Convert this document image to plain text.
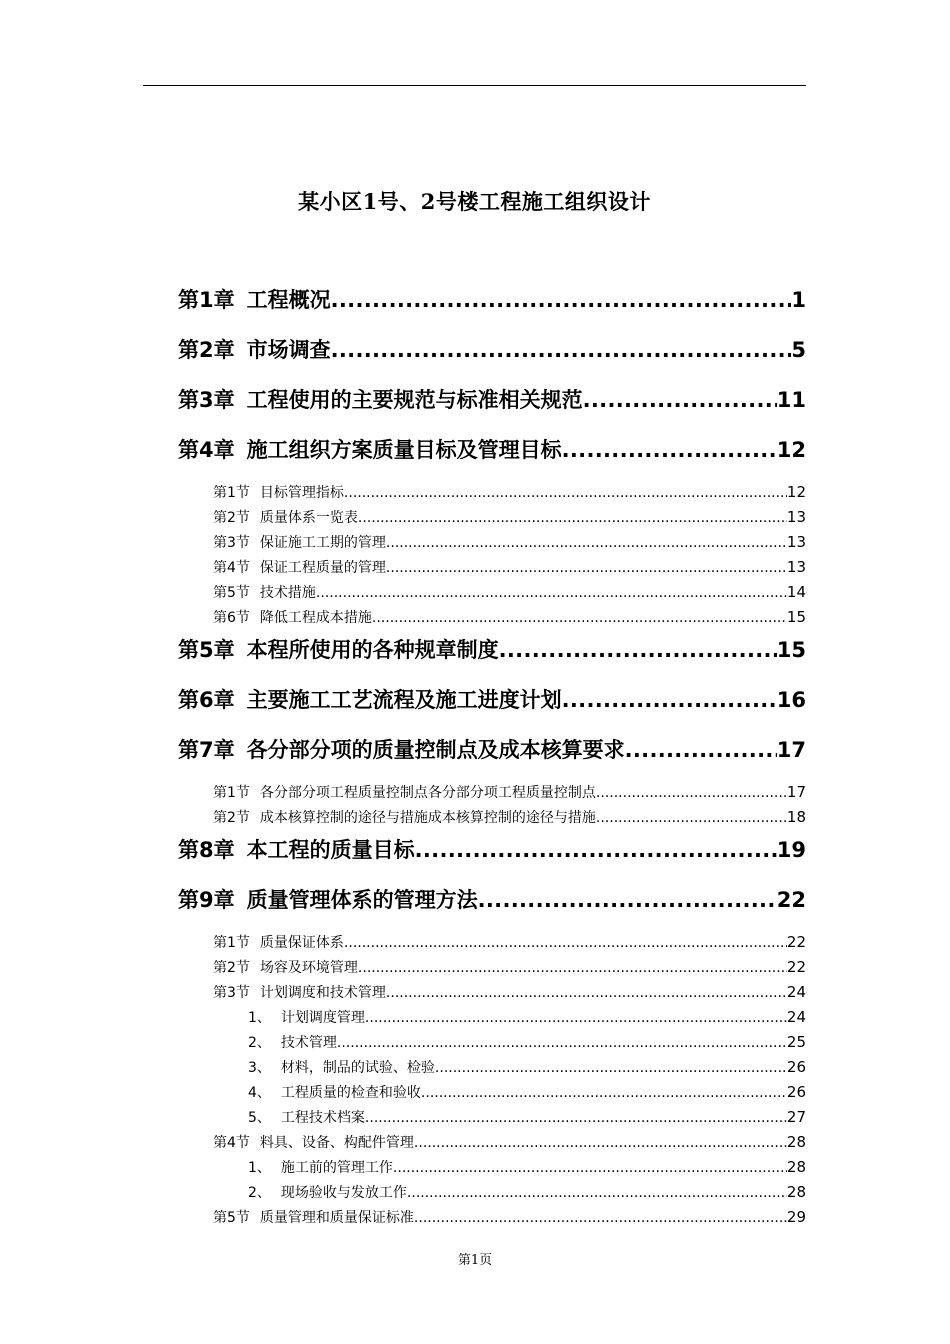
某小区1号、2号楼工程施工组织设计
第1章 工程概况 .....	1
第2章 市场调查 .....	5
第3章 工程使用的主要规范与标准相关规范 .....	11
第4章 施工组织方案质量目标及管理目标 .....	12
第1节 目标管理指标 .....	12
第2节 质量体系一览表 .....	13
第3节 保证施工工期的管理 .....	13
第4节 保证工程质量的管理 .....	13
第5节 技术措施 .....	14
第6节 降低工程成本措施 .....	15
第5章 本程所使用的各种规章制度 .....	15
第6章 主要施工工艺流程及施工进度计划 .....	16
第7章 各分部分项的质量控制点及成本核算要求 .....	17
第1节 各分部分项工程质量控制点各分部分项工程质量控制点 .....	17
第2节 成本核算控制的途径与措施成本核算控制的途径与措施 .....	18
第8章 本工程的质量目标 .....	19
第9章 质量管理体系的管理方法 .....	22
第1节 质量保证体系 .....	22
第2节 场容及环境管理 .....	22
第3节 计划调度和技术管理 .....	24
1、 计划调度管理 .....	24
2、 技术管理 .....	25
3、 材料，制品的试验、检验 .....	26
4、 工程质量的检查和验收 .....	26
5、 工程技术档案 .....	27
第4节 料具、设备、构配件管理 .....	28
1、 施工前的管理工作 .....	28
2、 现场验收与发放工作 .....	28
第5节 质量管理和质量保证标准 .....	29
第1页
